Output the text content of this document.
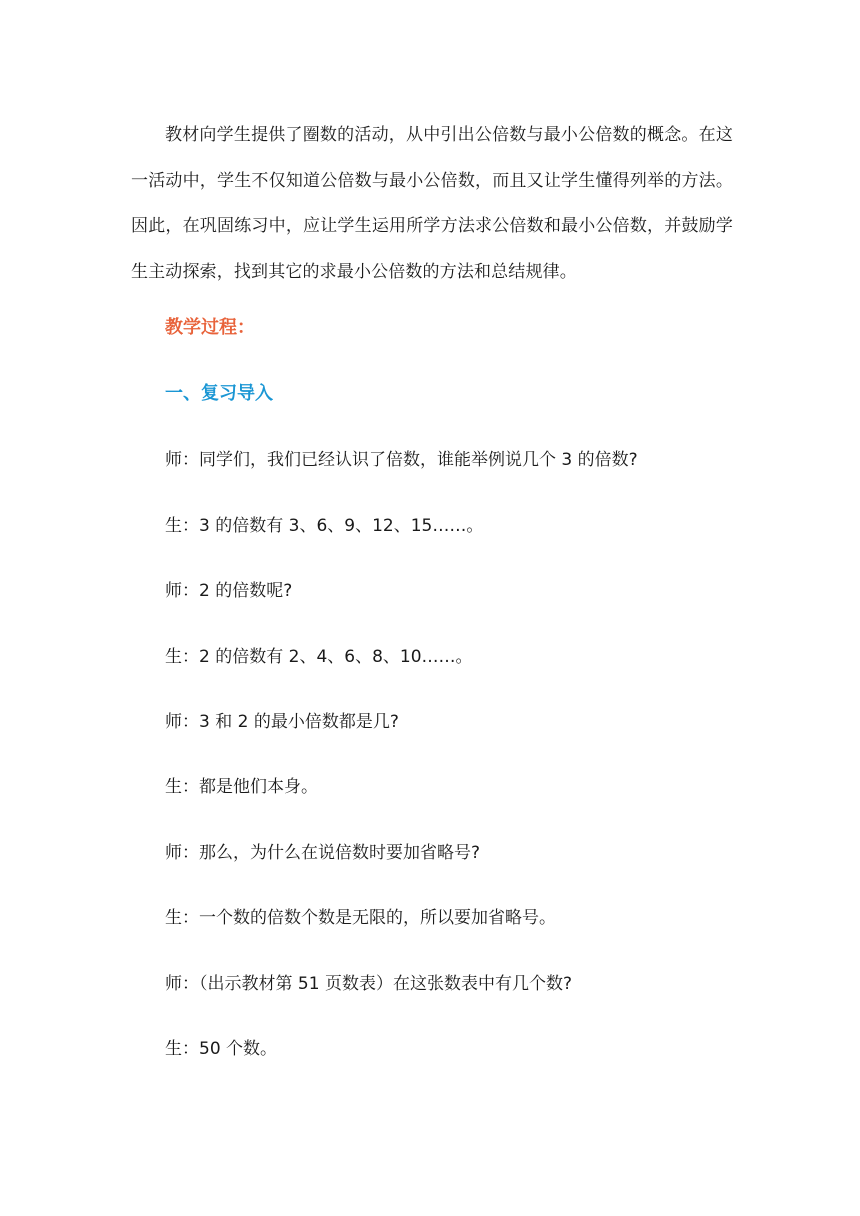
教材向学生提供了圈数的活动，从中引出公倍数与最小公倍数的概念。在这一活动中，学生不仅知道公倍数与最小公倍数，而且又让学生懂得列举的方法。因此，在巩固练习中，应让学生运用所学方法求公倍数和最小公倍数，并鼓励学生主动探索，找到其它的求最小公倍数的方法和总结规律。

教学过程：

一、复习导入

师：同学们，我们已经认识了倍数，谁能举例说几个 3 的倍数?

生：3 的倍数有 3、6、9、12、15……。

师：2 的倍数呢?

生：2 的倍数有 2、4、6、8、10……。

师：3 和 2 的最小倍数都是几?

生：都是他们本身。

师：那么，为什么在说倍数时要加省略号?

生：一个数的倍数个数是无限的，所以要加省略号。

师：（出示教材第 51 页数表）在这张数表中有几个数?

生：50 个数。
